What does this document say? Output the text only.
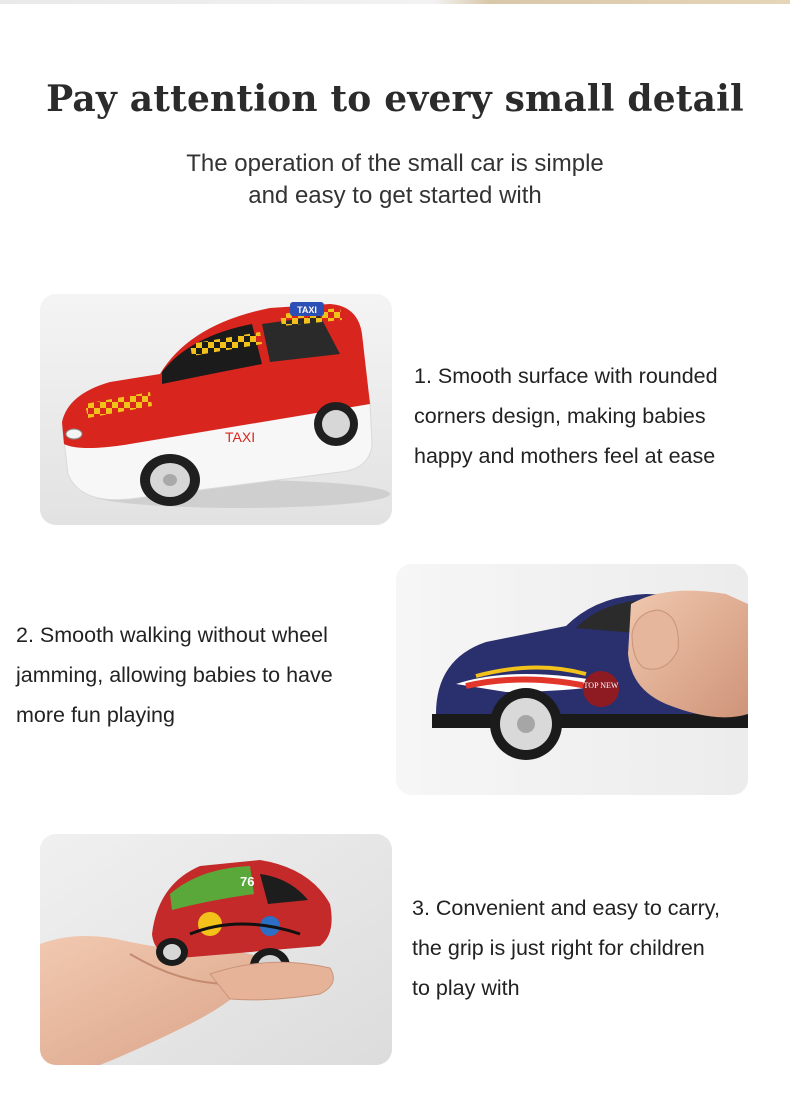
Pay attention to every small detail
The operation of the small car is simple
and easy to get started with
TAXI
TAXI
1. Smooth surface with rounded
corners design, making babies
happy and mothers feel at ease
2. Smooth walking without wheel
jamming, allowing babies to have
more fun playing
TOP NEW
76
3. Convenient and easy to carry,
the grip is just right for children
to play with
